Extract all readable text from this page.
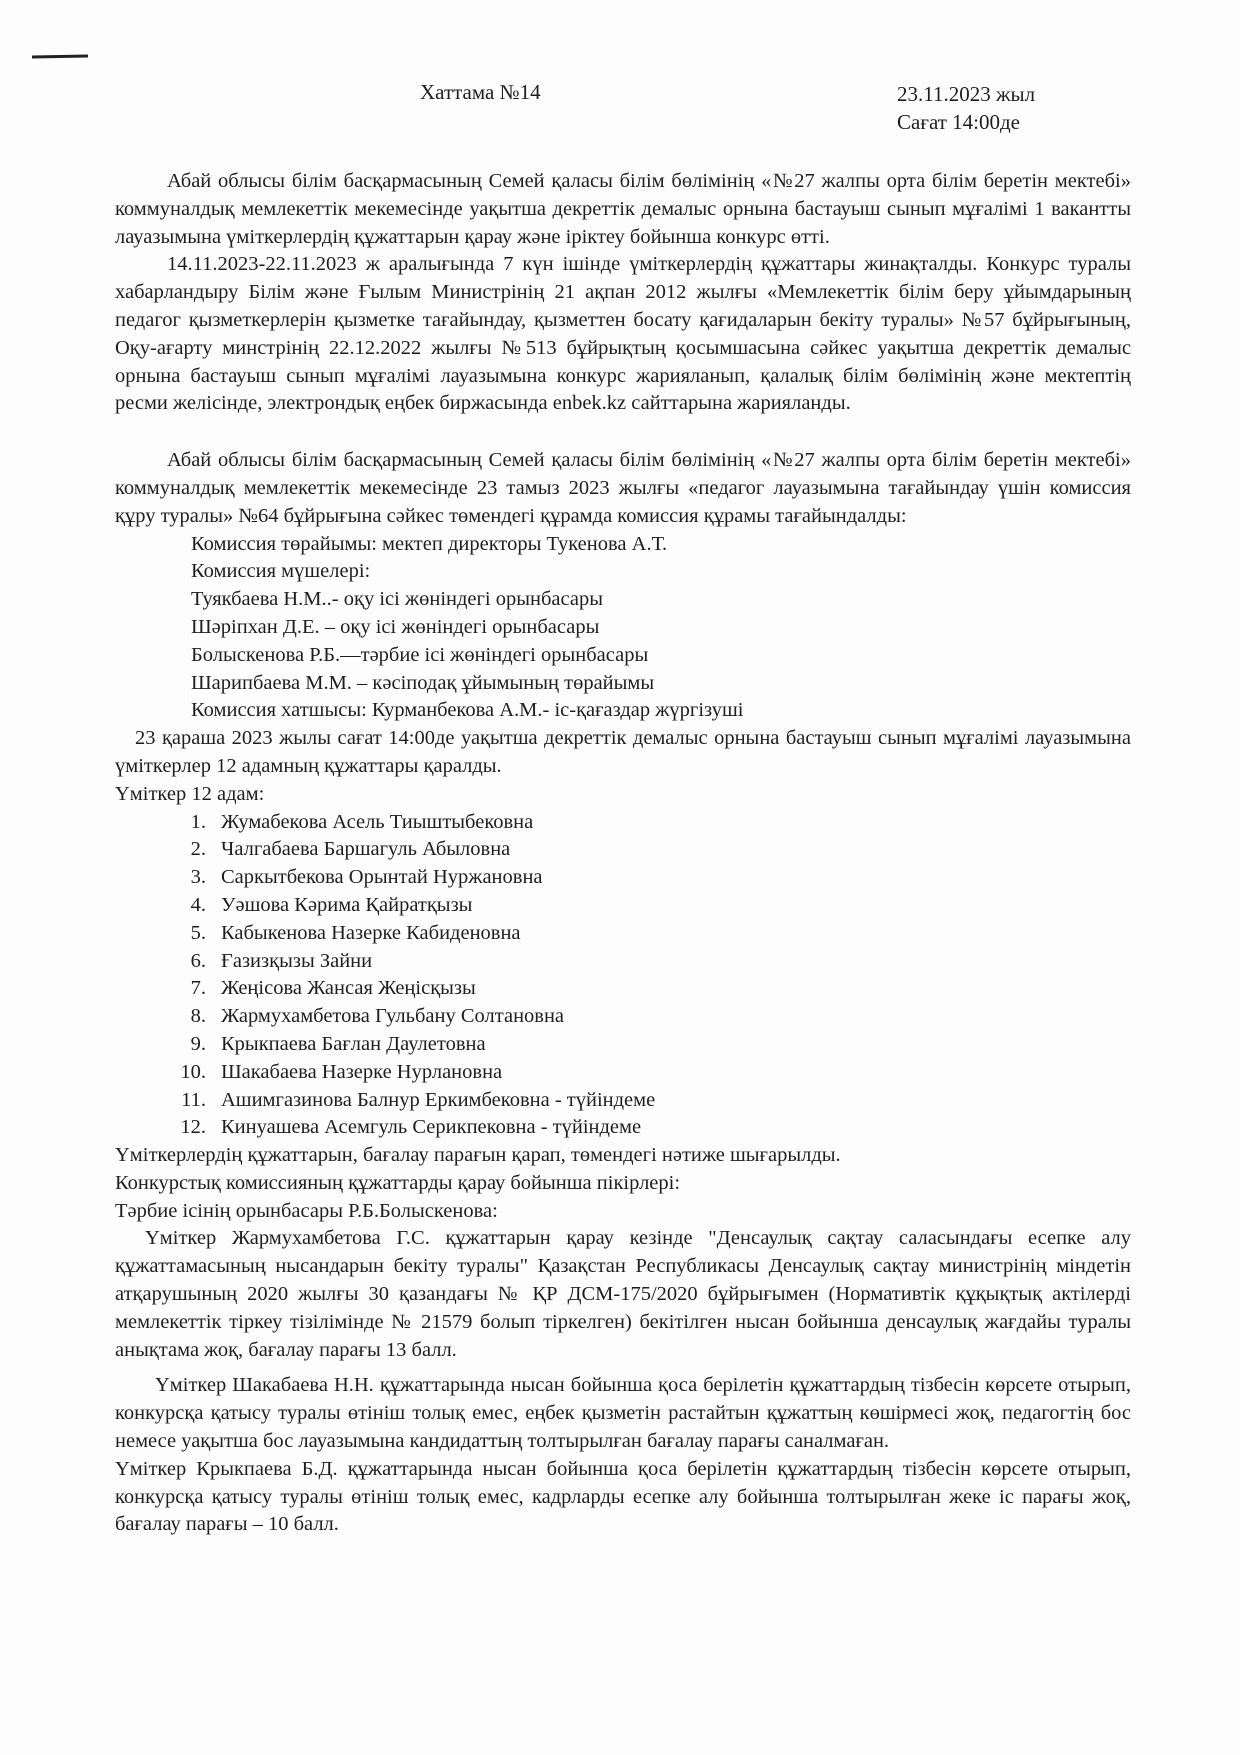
Хаттама №14	23.11.2023 жыл
Сағат 14:00де

Абай облысы білім басқармасының Семей қаласы білім бөлімінің «№27 жалпы орта білім беретін мектебі» коммуналдық мемлекеттік мекемесінде уақытша декреттік демалыс орнына бастауыш сынып мұғалімі 1 вакантты лауазымына үміткерлердің құжаттарын қарау және іріктеу бойынша конкурс өтті.

14.11.2023-22.11.2023 ж аралығында 7 күн ішінде үміткерлердің құжаттары жинақталды. Конкурс туралы хабарландыру Білім және Ғылым Министрінің 21 ақпан 2012 жылғы «Мемлекеттік білім беру ұйымдарының педагог қызметкерлерін қызметке тағайындау, қызметтен босату қағидаларын бекіту туралы» №57 бұйрығының, Оқу-ағарту минстрінің 22.12.2022 жылғы №513 бұйрықтың қосымшасына сәйкес уақытша декреттік демалыс орнына бастауыш сынып мұғалімі лауазымына конкурс жарияланып, қалалық білім бөлімінің және мектептің ресми желісінде, электрондық еңбек биржасында enbek.kz сайттарына жарияланды.

Абай облысы білім басқармасының Семей қаласы білім бөлімінің «№27 жалпы орта білім беретін мектебі» коммуналдық мемлекеттік мекемесінде 23 тамыз 2023 жылғы «педагог лауазымына тағайындау үшін комиссия құру туралы» №64 бұйрығына сәйкес төмендегі құрамда комиссия құрамы тағайындалды:

Комиссия төрайымы: мектеп директоры Тукенова А.Т.
Комиссия мүшелері:
Туякбаева Н.М..- оқу ісі жөніндегі орынбасары
Шәріпхан Д.Е. – оқу ісі жөніндегі орынбасары
Болыскенова Р.Б.—тәрбие ісі жөніндегі орынбасары
Шарипбаева М.М. – кәсіподақ ұйымының төрайымы
Комиссия хатшысы: Курманбекова А.М.- іс-қағаздар жүргізуші

23 қараша 2023 жылы сағат 14:00де уақытша декреттік демалыс орнына бастауыш сынып мұғалімі лауазымына үміткерлер 12 адамның құжаттары қаралды.

Үміткер 12 адам:

1. Жумабекова Асель Тиыштыбековна
2. Чалгабаева Баршагуль Абыловна
3. Саркытбекова Орынтай Нуржановна
4. Уәшова Кәрима Қайратқызы
5. Кабыкенова Назерке Кабиденовна
6. Ғазизқызы Зайни
7. Жеңісова Жансая Жеңісқызы
8. Жармухамбетова Гульбану Солтановна
9. Крыкпаева Бағлан Даулетовна
10. Шакабаева Назерке Нурлановна
11. Ашимгазинова Балнур Еркимбековна - түйіндеме
12. Кинуашева Асемгуль Серикпековна - түйіндеме

Үміткерлердің құжаттарын, бағалау парағын қарап, төмендегі нәтиже шығарылды.

Конкурстық комиссияның құжаттарды қарау бойынша пікірлері:

Тәрбие ісінің орынбасары Р.Б.Болыскенова:

Үміткер Жармухамбетова Г.С. құжаттарын қарау кезінде "Денсаулық сақтау саласындағы есепке алу құжаттамасының нысандарын бекіту туралы" Қазақстан Республикасы Денсаулық сақтау министрінің міндетін атқарушының 2020 жылғы 30 қазандағы № ҚР ДСМ-175/2020 бұйрығымен (Нормативтік құқықтық актілерді мемлекеттік тіркеу тізілімінде № 21579 болып тіркелген) бекітілген нысан бойынша денсаулық жағдайы туралы анықтама жоқ, бағалау парағы 13 балл.

Үміткер Шакабаева Н.Н. құжаттарында нысан бойынша қоса берілетін құжаттардың тізбесін көрсете отырып, конкурсқа қатысу туралы өтініш толық емес, еңбек қызметін растайтын құжаттың көшірмесі жоқ, педагогтің бос немесе уақытша бос лауазымына кандидаттың толтырылған бағалау парағы саналмаған.

Үміткер Крыкпаева Б.Д. құжаттарында нысан бойынша қоса берілетін құжаттардың тізбесін көрсете отырып, конкурсқа қатысу туралы өтініш толық емес, кадрларды есепке алу бойынша толтырылған жеке іс парағы жоқ, бағалау парағы – 10 балл.
